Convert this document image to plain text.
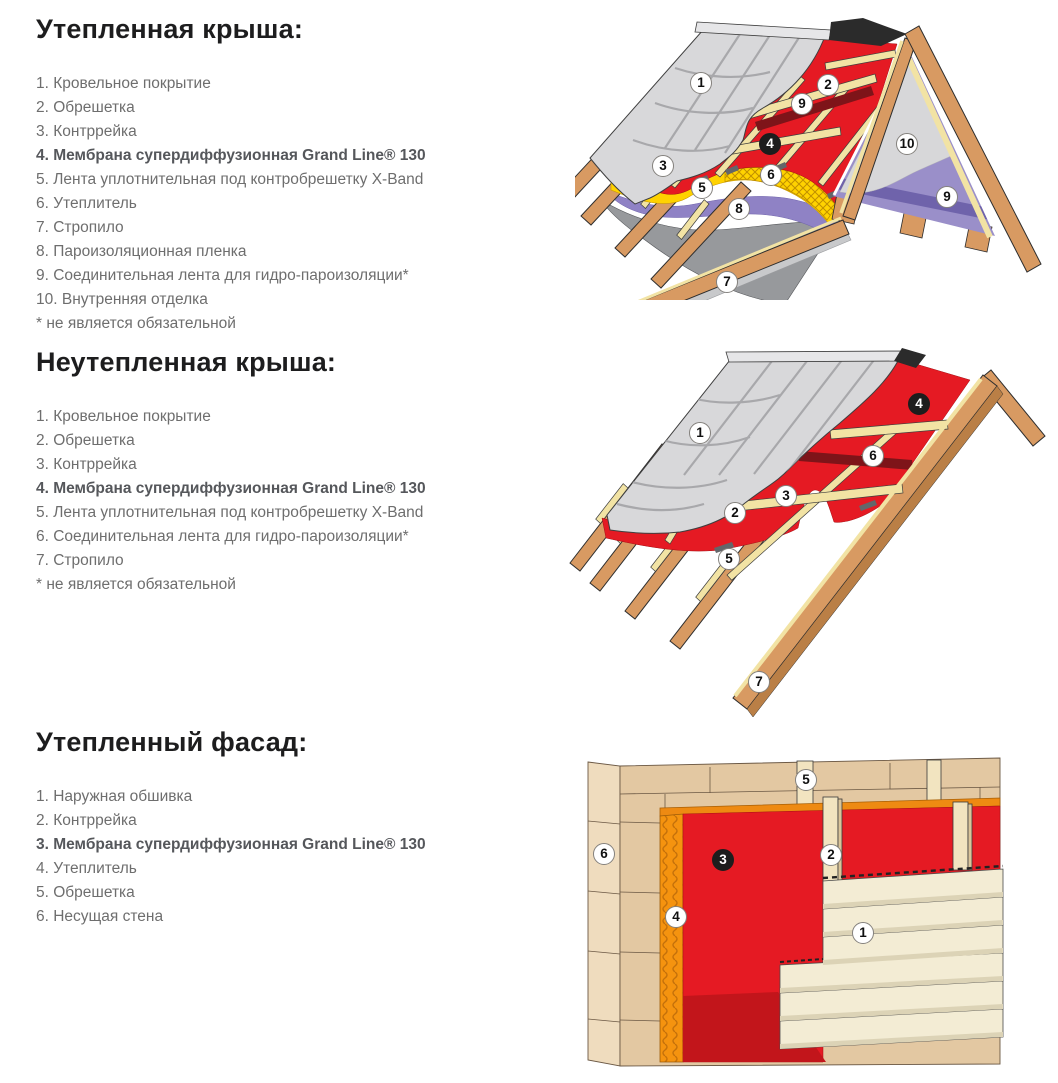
Утепленная крыша:
1. Кровельное покрытие
2. Обрешетка
3. Контррейка
4. Мембрана супердиффузионная Grand Line® 130
5. Лента уплотнительная под контробрешетку X-Band
6. Утеплитель
7. Стропило
8. Пароизоляционная пленка
9. Соединительная лента для гидро-пароизоляции*
10. Внутренняя отделка
* не является обязательной
1	2
9
4
3
6
5
8
10
9
7
Неутепленная крыша:
1. Кровельное покрытие
2. Обрешетка
3. Контррейка
4. Мембрана супердиффузионная Grand Line® 130
5. Лента уплотнительная под контробрешетку X-Band
6. Соединительная лента для гидро-пароизоляции*
7. Стропило
* не является обязательной
1
4
6
3
2
5
7
Утепленный фасад:
1. Наружная обшивка
2. Контррейка
3. Мембрана супердиффузионная Grand Line® 130
4. Утеплитель
5. Обрешетка
6. Несущая стена
5
6	3	2
4
1
